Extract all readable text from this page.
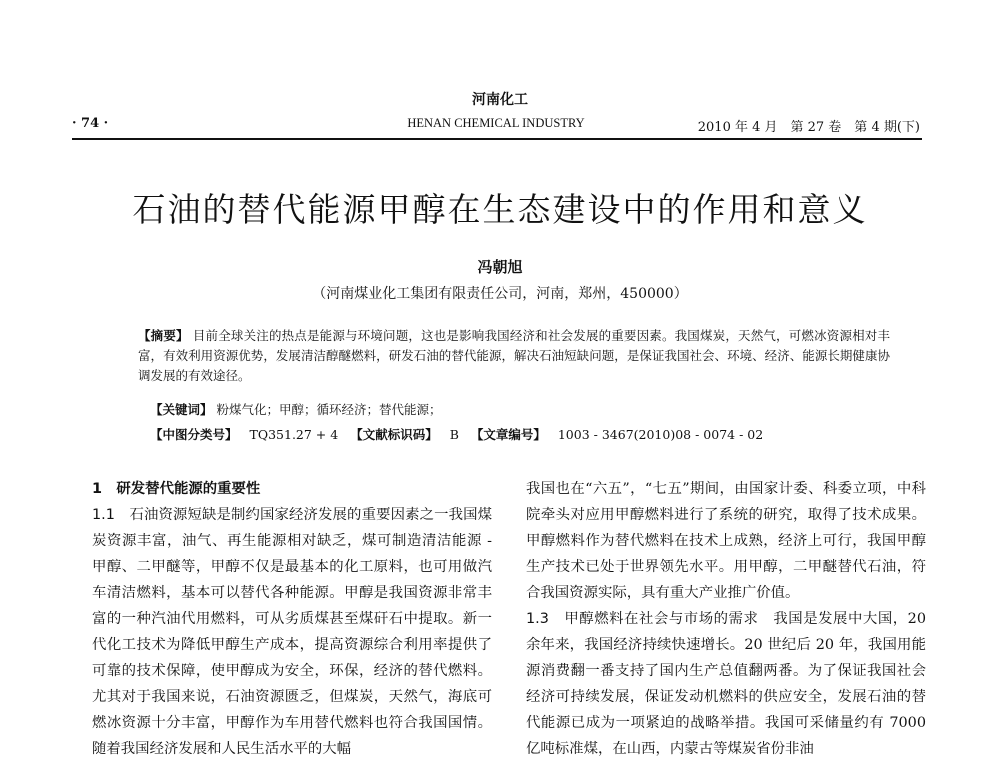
河南化工
HENAN CHEMICAL INDUSTRY
· 74 ·	2010 年 4 月　第 27 卷　第 4 期(下)
石油的替代能源甲醇在生态建设中的作用和意义
冯朝旭
（河南煤业化工集团有限责任公司，河南，郑州，450000）

【摘要】 目前全球关注的热点是能源与环境问题，这也是影响我国经济和社会发展的重要因素。我国煤炭，天然气，可燃冰资源相对丰富，有效利用资源优势，发展清洁醇醚燃料，研发石油的替代能源，解决石油短缺问题，是保证我国社会、环境、经济、能源长期健康协调发展的有效途径。

【关键词】 粉煤气化；甲醇；循环经济；替代能源；
【中图分类号】 TQ351.27 + 4 【文献标识码】 B 【文章编号】 1003 - 3467(2010)08 - 0074 - 02

1　研发替代能源的重要性

1.1　 石油资源短缺是制约国家经济发展的重要因素之一我国煤炭资源丰富，油气、再生能源相对缺乏，煤可制造清洁能源 - 甲醇、二甲醚等，甲醇不仅是最基本的化工原料，也可用做汽车清洁燃料，基本可以替代各种能源。甲醇是我国资源非常丰富的一种汽油代用燃料，可从劣质煤甚至煤矸石中提取。新一代化工技术为降低甲醇生产成本，提高资源综合利用率提供了可靠的技术保障，使甲醇成为安全，环保，经济的替代燃料。尤其对于我国来说，石油资源匮乏，但煤炭，天然气，海底可燃冰资源十分丰富，甲醇作为车用替代燃料也符合我国国情。随着我国经济发展和人民生活水平的大幅

我国也在“六五”，“七五”期间，由国家计委、科委立项，中科院牵头对应用甲醇燃料进行了系统的研究，取得了技术成果。甲醇燃料作为替代燃料在技术上成熟，经济上可行，我国甲醇生产技术已处于世界领先水平。用甲醇，二甲醚替代石油，符合我国资源实际，具有重大产业推广价值。

1.3　 甲醇燃料在社会与市场的需求　 我国是发展中大国，20 余年来，我国经济持续快速增长。20 世纪后 20 年，我国用能源消费翻一番支持了国内生产总值翻两番。为了保证我国社会经济可持续发展，保证发动机燃料的供应安全，发展石油的替代能源已成为一项紧迫的战略举措。我国可采储量约有 7000 亿吨标准煤，在山西，内蒙古等煤炭省份非油
